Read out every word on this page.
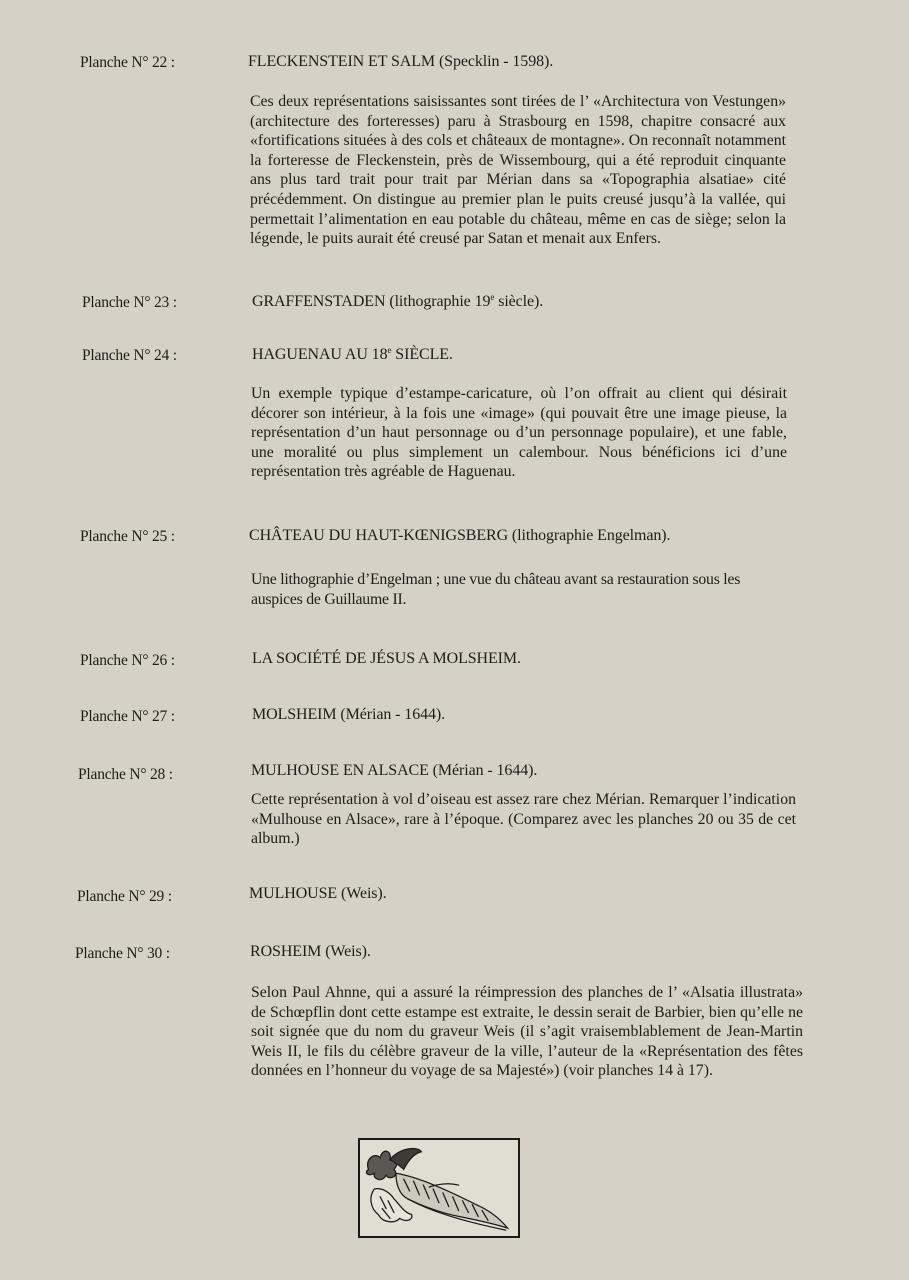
Planche N° 22 :	FLECKENSTEIN ET SALM (Specklin - 1598).
Ces deux représentations saisissantes sont tirées de l’ «Architectura von Vestungen» (architecture des forteresses) paru à Strasbourg en 1598, chapitre consacré aux «fortifications situées à des cols et châteaux de montagne». On reconnaît notamment la forteresse de Fleckenstein, près de Wissembourg, qui a été reproduit cinquante ans plus tard trait pour trait par Mérian dans sa «Topographia alsatiae» cité précédemment. On distingue au premier plan le puits creusé jusqu’à la vallée, qui permettait l’alimentation en eau potable du château, même en cas de siège; selon la légende, le puits aurait été creusé par Satan et menait aux Enfers.
Planche N° 23 :	GRAFFENSTADEN (lithographie 19e siècle).
Planche N° 24 :	HAGUENAU AU 18e SIÈCLE.
Un exemple typique d’estampe-caricature, où l’on offrait au client qui désirait décorer son intérieur, à la fois une «image» (qui pouvait être une image pieuse, la représentation d’un haut personnage ou d’un personnage populaire), et une fable, une moralité ou plus simplement un calembour. Nous bénéficions ici d’une représentation très agréable de Haguenau.
Planche N° 25 :	CHÂTEAU DU HAUT-KŒNIGSBERG (lithographie Engelman).
Une lithographie d’Engelman ; une vue du château avant sa restauration sous les auspices de Guillaume II.
Planche N° 26 :	LA SOCIÉTÉ DE JÉSUS A MOLSHEIM.
Planche N° 27 :	MOLSHEIM (Mérian - 1644).
Planche N° 28 :	MULHOUSE EN ALSACE (Mérian - 1644).
Cette représentation à vol d’oiseau est assez rare chez Mérian. Remarquer l’indication «Mulhouse en Alsace», rare à l’époque. (Comparez avec les planches 20 ou 35 de cet album.)
Planche N° 29 :	MULHOUSE (Weis).
Planche N° 30 :	ROSHEIM (Weis).
Selon Paul Ahnne, qui a assuré la réimpression des planches de l’ «Alsatia illustrata» de Schœpflin dont cette estampe est extraite, le dessin serait de Barbier, bien qu’elle ne soit signée que du nom du graveur Weis (il s’agit vraisemblablement de Jean-Martin Weis II, le fils du célèbre graveur de la ville, l’auteur de la «Représentation des fêtes données en l’honneur du voyage de sa Majesté») (voir planches 14 à 17).
